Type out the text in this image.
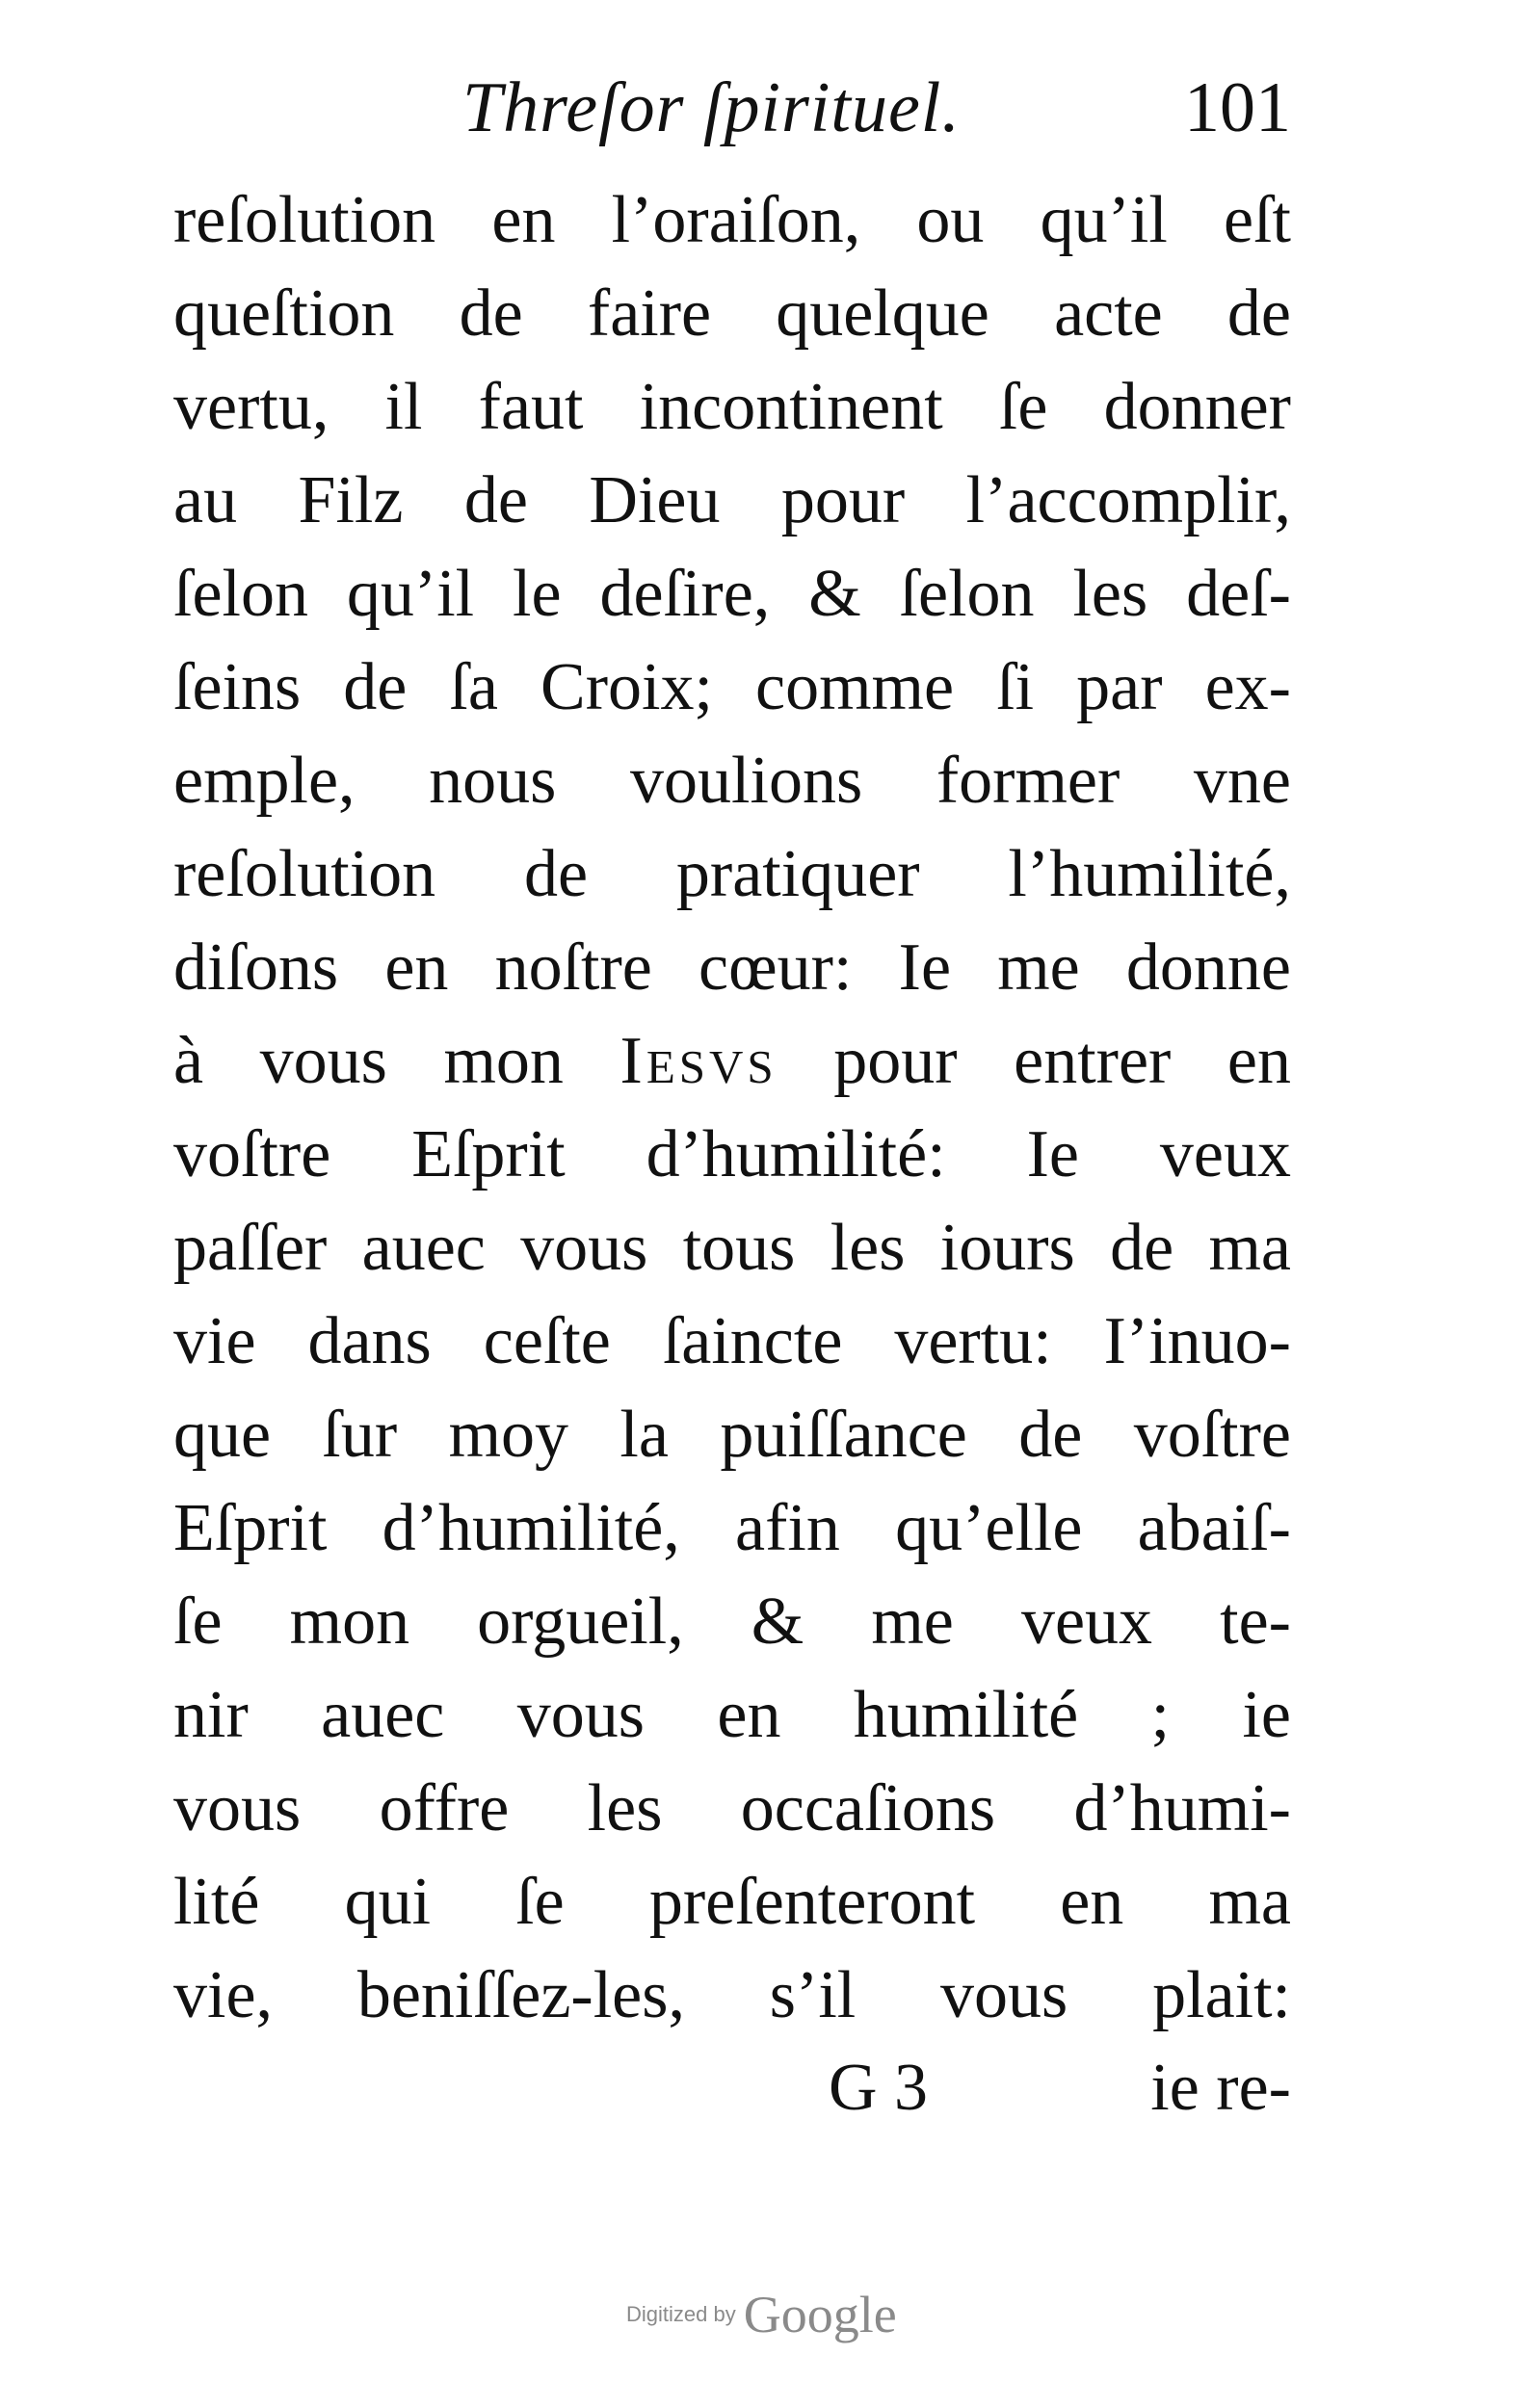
Threſor ſpirituel.	101
reſolution en l’oraiſon, ou qu’il eſt
queſtion de faire quelque acte de
vertu, il faut incontinent ſe donner
au Filz de Dieu pour l’accomplir,
ſelon qu’il le deſire, & ſelon les deſ-
ſeins de ſa Croix; comme ſi par ex-
emple, nous voulions former vne
reſolution de pratiquer l’humilité,
diſons en noſtre cœur: Ie me donne
à vous mon Iesvs pour entrer en
voſtre Eſprit d’humilité: Ie veux
paſſer auec vous tous les iours de ma
vie dans ceſte ſaincte vertu: I’inuo-
que ſur moy la puiſſance de voſtre
Eſprit d’humilité, afin qu’elle abaiſ-
ſe mon orgueil, & me veux te-
nir auec vous en humilité ; ie
vous offre les occaſions d’humi-
lité qui ſe preſenteront en ma
vie, beniſſez-les, s’il vous plait:
G 3	ie re-
Digitized by Google
